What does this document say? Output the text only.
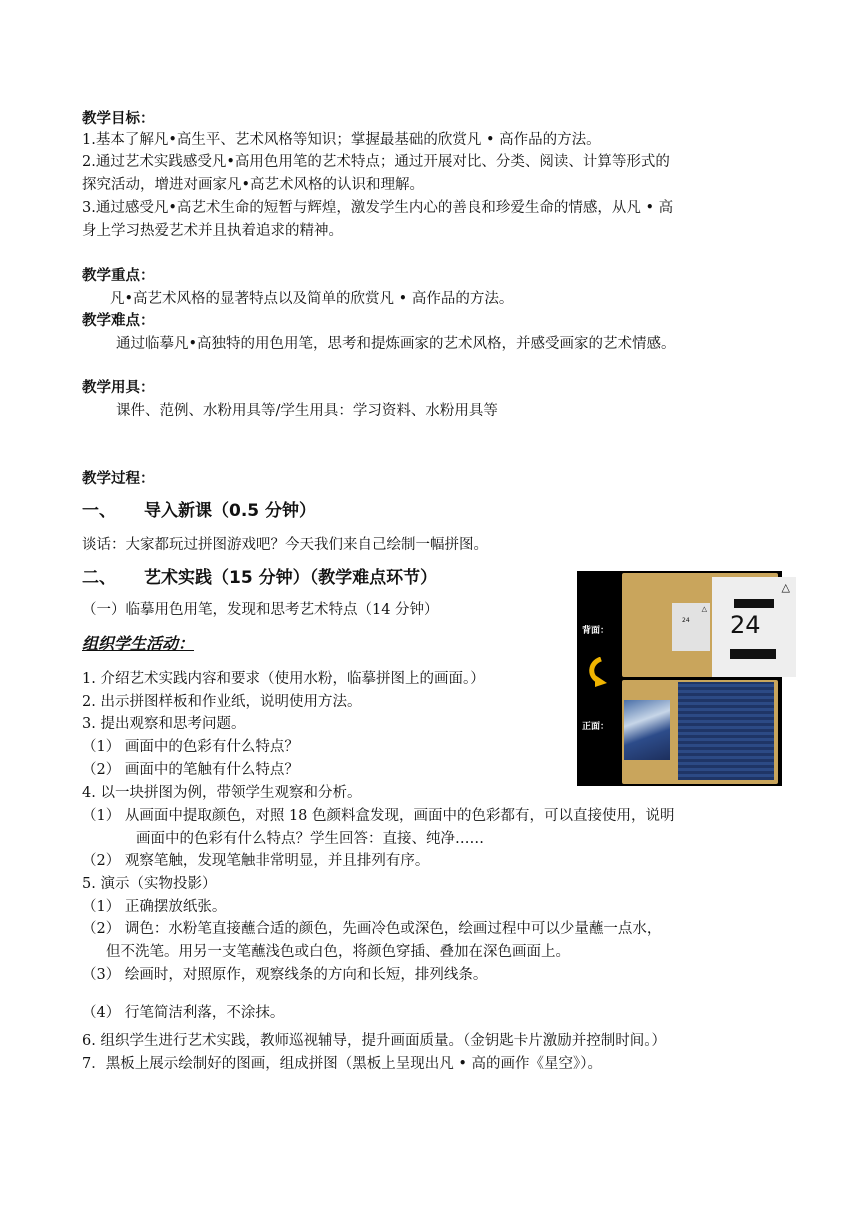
教学目标：
1.基本了解凡•高生平、艺术风格等知识；掌握最基础的欣赏凡 • 高作品的方法。
2.通过艺术实践感受凡•高用色用笔的艺术特点；通过开展对比、分类、阅读、计算等形式的
探究活动，增进对画家凡•高艺术风格的认识和理解。
3.通过感受凡•高艺术生命的短暂与辉煌，激发学生内心的善良和珍爱生命的情感，从凡 • 高
身上学习热爱艺术并且执着追求的精神。
教学重点：
凡•高艺术风格的显著特点以及简单的欣赏凡 • 高作品的方法。
教学难点：
通过临摹凡•高独特的用色用笔，思考和提炼画家的艺术风格，并感受画家的艺术情感。
教学用具：
课件、范例、水粉用具等/学生用具：学习资料、水粉用具等
教学过程：
一、 导入新课（0.5 分钟）
谈话：大家都玩过拼图游戏吧？今天我们来自己绘制一幅拼图。
二、 艺术实践（15 分钟）（教学难点环节）
（一）临摹用色用笔，发现和思考艺术特点（14 分钟）
组织学生活动：
1. 介绍艺术实践内容和要求（使用水粉，临摹拼图上的画面。）
2. 出示拼图样板和作业纸，说明使用方法。
3. 提出观察和思考问题。
（1） 画面中的色彩有什么特点？
（2） 画面中的笔触有什么特点？
4. 以一块拼图为例，带领学生观察和分析。
（1） 从画面中提取颜色，对照 18 色颜料盒发现，画面中的色彩都有，可以直接使用，说明
画面中的色彩有什么特点？学生回答：直接、纯净……
（2） 观察笔触，发现笔触非常明显，并且排列有序。
5. 演示（实物投影）
（1） 正确摆放纸张。
（2） 调色：水粉笔直接蘸合适的颜色，先画冷色或深色，绘画过程中可以少量蘸一点水，
但不洗笔。用另一支笔蘸浅色或白色，将颜色穿插、叠加在深色画面上。
（3） 绘画时，对照原作，观察线条的方向和长短，排列线条。
（4） 行笔简洁利落，不涂抹。
6. 组织学生进行艺术实践，教师巡视辅导，提升画面质量。（金钥匙卡片激励并控制时间。）
7．黑板上展示绘制好的图画，组成拼图（黑板上呈现出凡 • 高的画作《星空》）。
24
△
△
24
背面：
正面：
